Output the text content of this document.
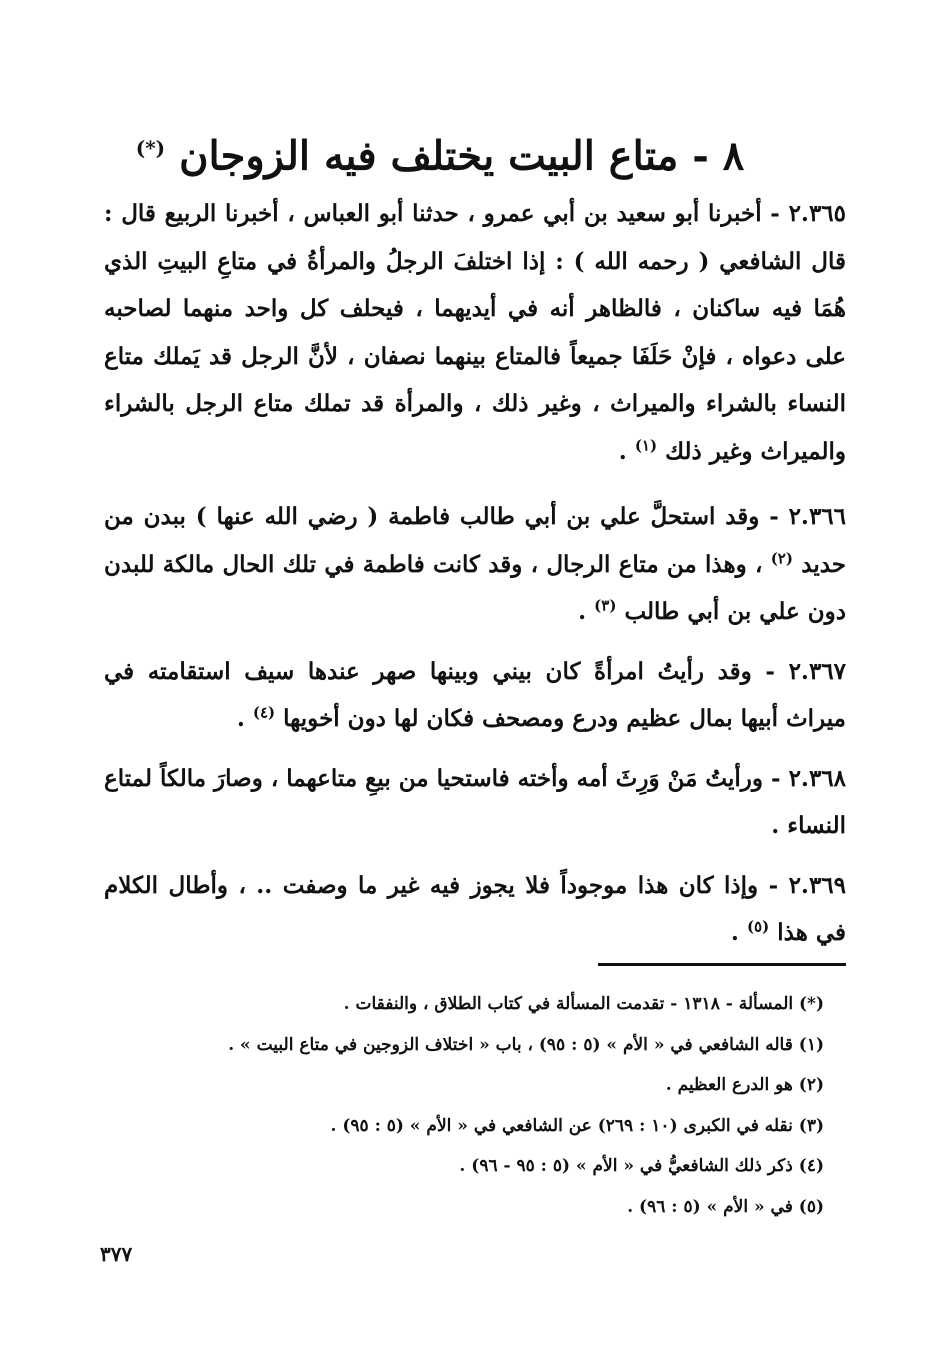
٨ - متاع البيت يختلف فيه الزوجان (*)

٢.٣٦٥ - أخبرنا أبو سعيد بن أبي عمرو ، حدثنا أبو العباس ، أخبرنا الربيع قال : قال الشافعي ( رحمه الله ) : إذا اختلفَ الرجلُ والمرأةُ في متاعِ البيتِ الذي هُمَا فيه ساكنان ، فالظاهر أنه في أيديهما ، فيحلف كل واحد منهما لصاحبه على دعواه ، فإنْ حَلَفَا جميعاً فالمتاع بينهما نصفان ، لأنَّ الرجل قد يَملك متاع النساء بالشراء والميراث ، وغير ذلك ، والمرأة قد تملك متاع الرجل بالشراء والميراث وغير ذلك $^{(١)}$ .

٢.٣٦٦ - وقد استحلَّ علي بن أبي طالب فاطمة ( رضي الله عنها ) ببدن من حديد $^{(٢)}$ ، وهذا من متاع الرجال ، وقد كانت فاطمة في تلك الحال مالكة للبدن دون علي بن أبي طالب $^{(٣)}$ .

٢.٣٦٧ - وقد رأيتُ امرأةً كان بيني وبينها صهر عندها سيف استقامته في ميراث أبيها بمال عظيم ودرع ومصحف فكان لها دون أخويها $^{(٤)}$ .

٢.٣٦٨ - ورأيتُ مَنْ وَرِثَ أمه وأخته فاستحيا من بيعِ متاعهما ، وصارَ مالكاً لمتاع النساء .

٢.٣٦٩ - وإذا كان هذا موجوداً فلا يجوز فيه غير ما وصفت .. ، وأطال الكلام في هذا $^{(٥)}$ .

(*) المسألة - ١٣١٨ - تقدمت المسألة في كتاب الطلاق ، والنفقات .
(١) قاله الشافعي في « الأم » (٥ : ٩٥) ، باب « اختلاف الزوجين في متاع البيت » .
(٢) هو الدرع العظيم .
(٣) نقله في الكبرى (١٠ : ٢٦٩) عن الشافعي في « الأم » (٥ : ٩٥) .
(٤) ذكر ذلك الشافعيُّ في « الأم » (٥ : ٩٥ - ٩٦) .
(٥) في « الأم » (٥ : ٩٦) .
٣٧٧
